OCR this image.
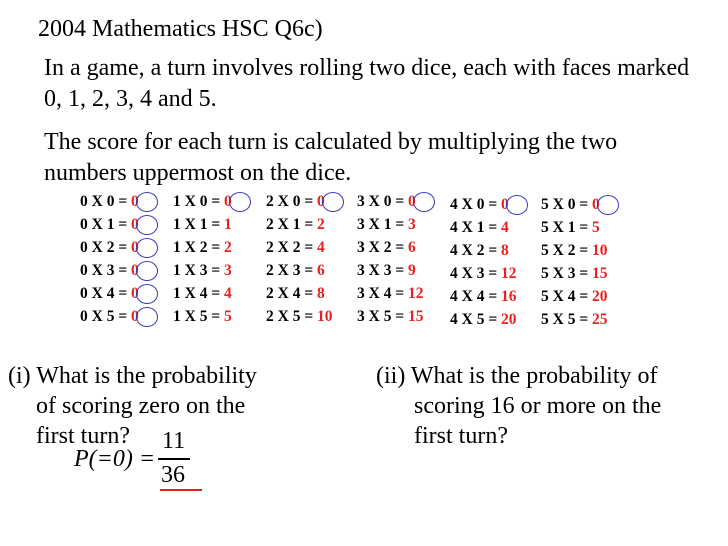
2004 Mathematics HSC Q6c)
In a game, a turn involves rolling two dice, each with faces marked
0, 1, 2, 3, 4 and 5.
The score for each turn is calculated by multiplying the two
numbers uppermost on the dice.
0 X 0 = 0
0 X 1 = 0
0 X 2 = 0
0 X 3 = 0
0 X 4 = 0
0 X 5 = 0
1 X 0 = 0
1 X 1 = 1
1 X 2 = 2
1 X 3 = 3
1 X 4 = 4
1 X 5 = 5
2 X 0 = 0
2 X 1 = 2
2 X 2 = 4
2 X 3 = 6
2 X 4 = 8
2 X 5 = 10
3 X 0 = 0
3 X 1 = 3
3 X 2 = 6
3 X 3 = 9
3 X 4 = 12
3 X 5 = 15
4 X 0 = 0
4 X 1 = 4
4 X 2 = 8
4 X 3 = 12
4 X 4 = 16
4 X 5 = 20
5 X 0 = 0
5 X 1 = 5
5 X 2 = 10
5 X 3 = 15
5 X 4 = 20
5 X 5 = 25
(i) What is the probability
of scoring zero on the
first turn?
P(=0) =
11
36
(ii) What is the probability of
scoring 16 or more on the
first turn?
